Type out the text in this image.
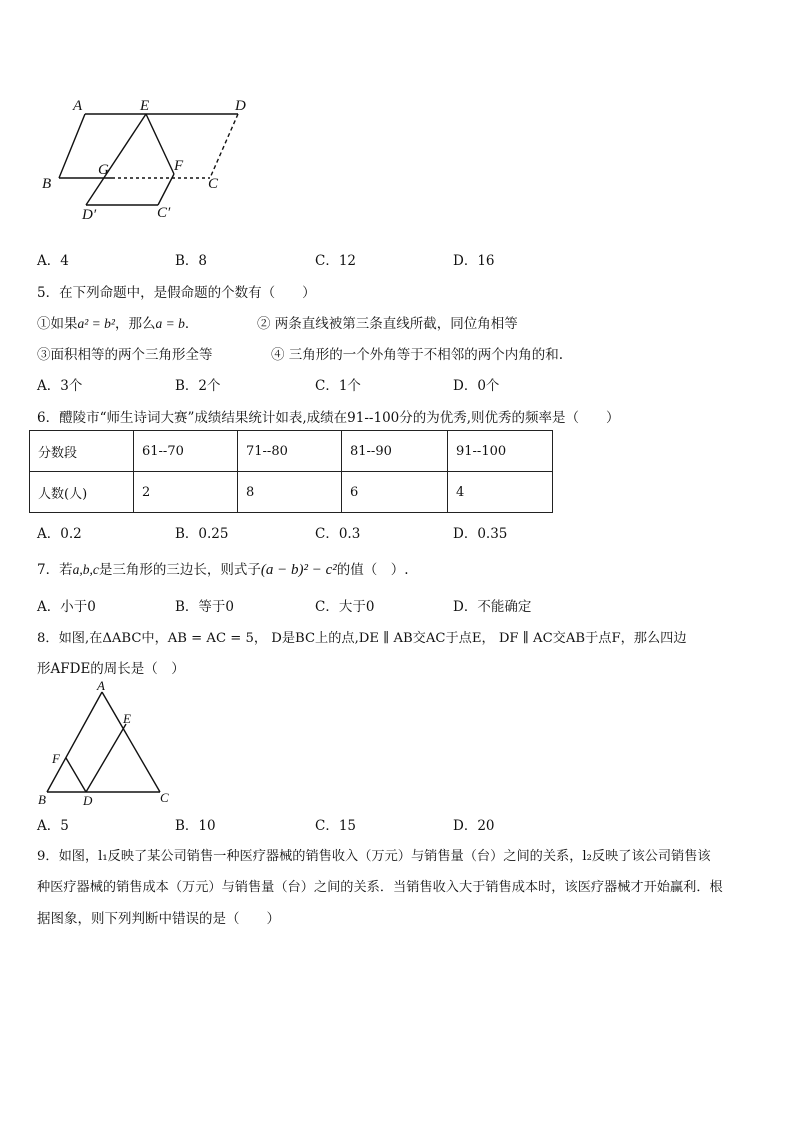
A	E	D
B
G	F
C
D′	C′
A．4	B．8	C．12	D．16
5．在下列命题中，是假命题的个数有（　　）
①如果a² = b²，那么a = b．	② 两条直线被第三条直线所截，同位角相等
③面积相等的两个三角形全等	④ 三角形的一个外角等于不相邻的两个内角的和.
A．3个	B．2个	C．1个	D．0个
6．醴陵市“师生诗词大赛”成绩结果统计如表,成绩在91--100分的为优秀,则优秀的频率是（　　）
分数段	61--70	71--80	81--90	91--100
人数(人)	2	8	6	4
A．0.2	B．0.25	C．0.3	D．0.35
7．若a,b,c是三角形的三边长，则式子(a − b)² − c²的值（　）.
A．小于0	B．等于0	C．大于0	D．不能确定
8．如图,在ΔABC中，AB = AC = 5， D是BC上的点,DE ∥ AB交AC于点E， DF ∥ AC交AB于点F，那么四边
形AFDE的周长是（　）
A
E
F
B	D	C
A．5	B．10	C．15	D．20
9．如图，l₁反映了某公司销售一种医疗器械的销售收入（万元）与销售量（台）之间的关系，l₂反映了该公司销售该
种医疗器械的销售成本（万元）与销售量（台）之间的关系．当销售收入大于销售成本时，该医疗器械才开始赢利．根
据图象，则下列判断中错误的是（　　）
